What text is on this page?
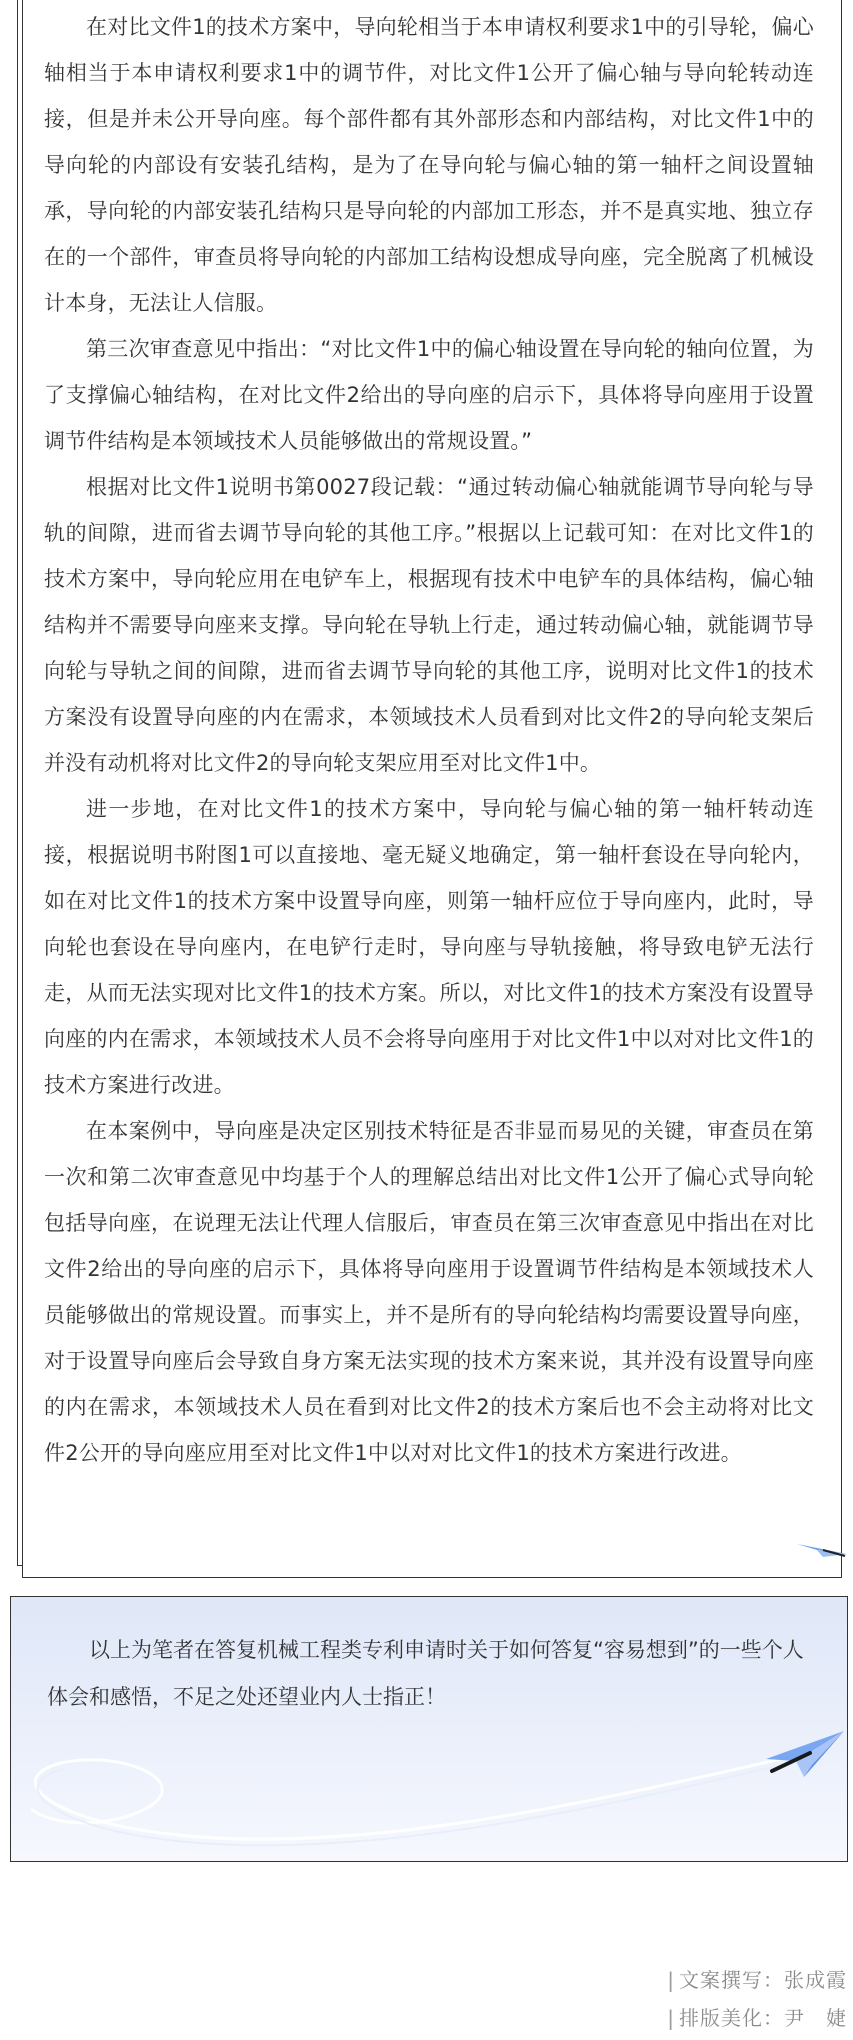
在对比文件1的技术方案中，导向轮相当于本申请权利要求1中的引导轮，偏心轴相当于本申请权利要求1中的调节件，对比文件1公开了偏心轴与导向轮转动连接，但是并未公开导向座。每个部件都有其外部形态和内部结构，对比文件1中的导向轮的内部设有安装孔结构，是为了在导向轮与偏心轴的第一轴杆之间设置轴承，导向轮的内部安装孔结构只是导向轮的内部加工形态，并不是真实地、独立存在的一个部件，审查员将导向轮的内部加工结构设想成导向座，完全脱离了机械设计本身，无法让人信服。

第三次审查意见中指出：“对比文件1中的偏心轴设置在导向轮的轴向位置，为了支撑偏心轴结构，在对比文件2给出的导向座的启示下，具体将导向座用于设置调节件结构是本领域技术人员能够做出的常规设置。”

根据对比文件1说明书第0027段记载：“通过转动偏心轴就能调节导向轮与导轨的间隙，进而省去调节导向轮的其他工序。”根据以上记载可知：在对比文件1的技术方案中，导向轮应用在电铲车上，根据现有技术中电铲车的具体结构，偏心轴结构并不需要导向座来支撑。导向轮在导轨上行走，通过转动偏心轴，就能调节导向轮与导轨之间的间隙，进而省去调节导向轮的其他工序，说明对比文件1的技术方案没有设置导向座的内在需求，本领域技术人员看到对比文件2的导向轮支架后并没有动机将对比文件2的导向轮支架应用至对比文件1中。

进一步地，在对比文件1的技术方案中，导向轮与偏心轴的第一轴杆转动连接，根据说明书附图1可以直接地、毫无疑义地确定，第一轴杆套设在导向轮内，如在对比文件1的技术方案中设置导向座，则第一轴杆应位于导向座内，此时，导向轮也套设在导向座内，在电铲行走时，导向座与导轨接触，将导致电铲无法行走，从而无法实现对比文件1的技术方案。所以，对比文件1的技术方案没有设置导向座的内在需求，本领域技术人员不会将导向座用于对比文件1中以对对比文件1的技术方案进行改进。

在本案例中，导向座是决定区别技术特征是否非显而易见的关键，审查员在第一次和第二次审查意见中均基于个人的理解总结出对比文件1公开了偏心式导向轮包括导向座，在说理无法让代理人信服后，审查员在第三次审查意见中指出在对比文件2给出的导向座的启示下，具体将导向座用于设置调节件结构是本领域技术人员能够做出的常规设置。而事实上，并不是所有的导向轮结构均需要设置导向座，对于设置导向座后会导致自身方案无法实现的技术方案来说，其并没有设置导向座的内在需求，本领域技术人员在看到对比文件2的技术方案后也不会主动将对比文件2公开的导向座应用至对比文件1中以对对比文件1的技术方案进行改进。

以上为笔者在答复机械工程类专利申请时关于如何答复“容易想到”的一些个人体会和感悟，不足之处还望业内人士指正！

| 文案撰写：张成霞
| 排版美化：尹　婕
